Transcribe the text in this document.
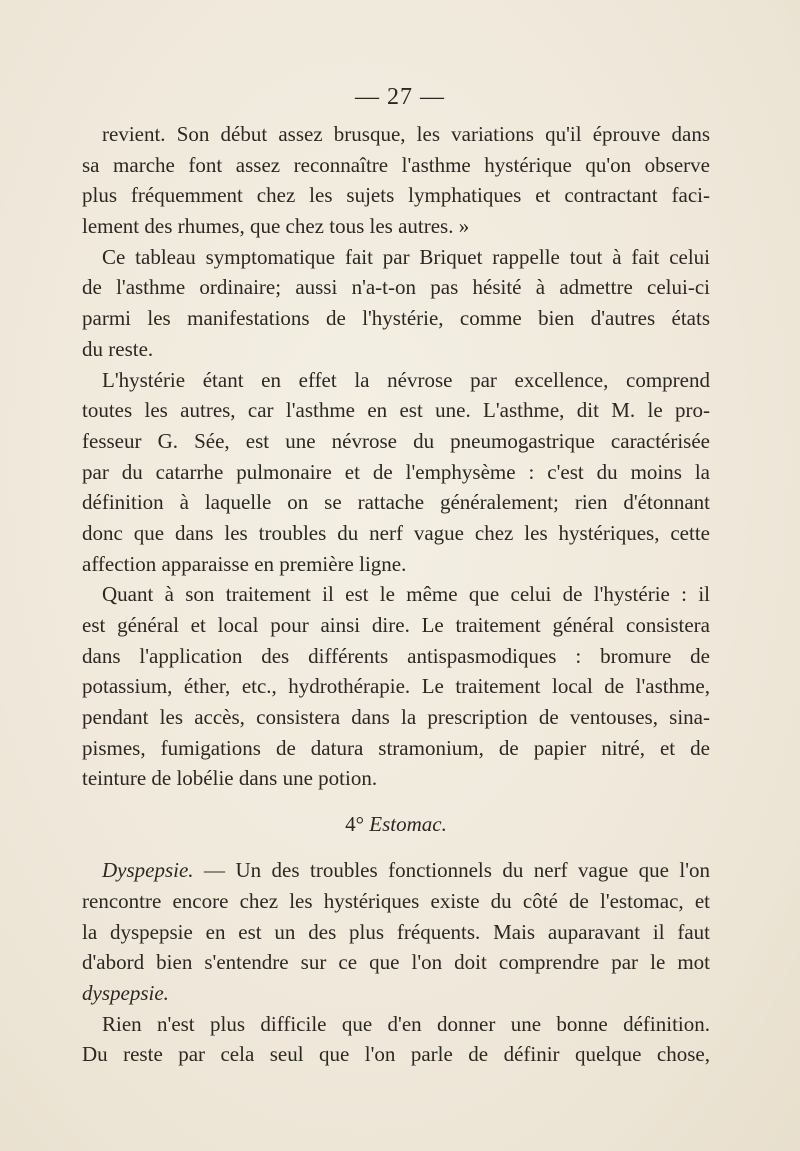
— 27 —
revient. Son début assez brusque, les variations qu'il éprouve dans
sa marche font assez reconnaître l'asthme hystérique qu'on observe
plus fréquemment chez les sujets lymphatiques et contractant faci-
lement des rhumes, que chez tous les autres. »
Ce tableau symptomatique fait par Briquet rappelle tout à fait celui
de l'asthme ordinaire; aussi n'a-t-on pas hésité à admettre celui-ci
parmi les manifestations de l'hystérie, comme bien d'autres états
du reste.
L'hystérie étant en effet la névrose par excellence, comprend
toutes les autres, car l'asthme en est une. L'asthme, dit M. le pro-
fesseur G. Sée, est une névrose du pneumogastrique caractérisée
par du catarrhe pulmonaire et de l'emphysème : c'est du moins la
définition à laquelle on se rattache généralement; rien d'étonnant
donc que dans les troubles du nerf vague chez les hystériques, cette
affection apparaisse en première ligne.
Quant à son traitement il est le même que celui de l'hystérie : il
est général et local pour ainsi dire. Le traitement général consistera
dans l'application des différents antispasmodiques : bromure de
potassium, éther, etc., hydrothérapie. Le traitement local de l'asthme,
pendant les accès, consistera dans la prescription de ventouses, sina-
pismes, fumigations de datura stramonium, de papier nitré, et de
teinture de lobélie dans une potion.
4° Estomac.
Dyspepsie. — Un des troubles fonctionnels du nerf vague que l'on
rencontre encore chez les hystériques existe du côté de l'estomac, et
la dyspepsie en est un des plus fréquents. Mais auparavant il faut
d'abord bien s'entendre sur ce que l'on doit comprendre par le mot
dyspepsie.
Rien n'est plus difficile que d'en donner une bonne définition.
Du reste par cela seul que l'on parle de définir quelque chose,
